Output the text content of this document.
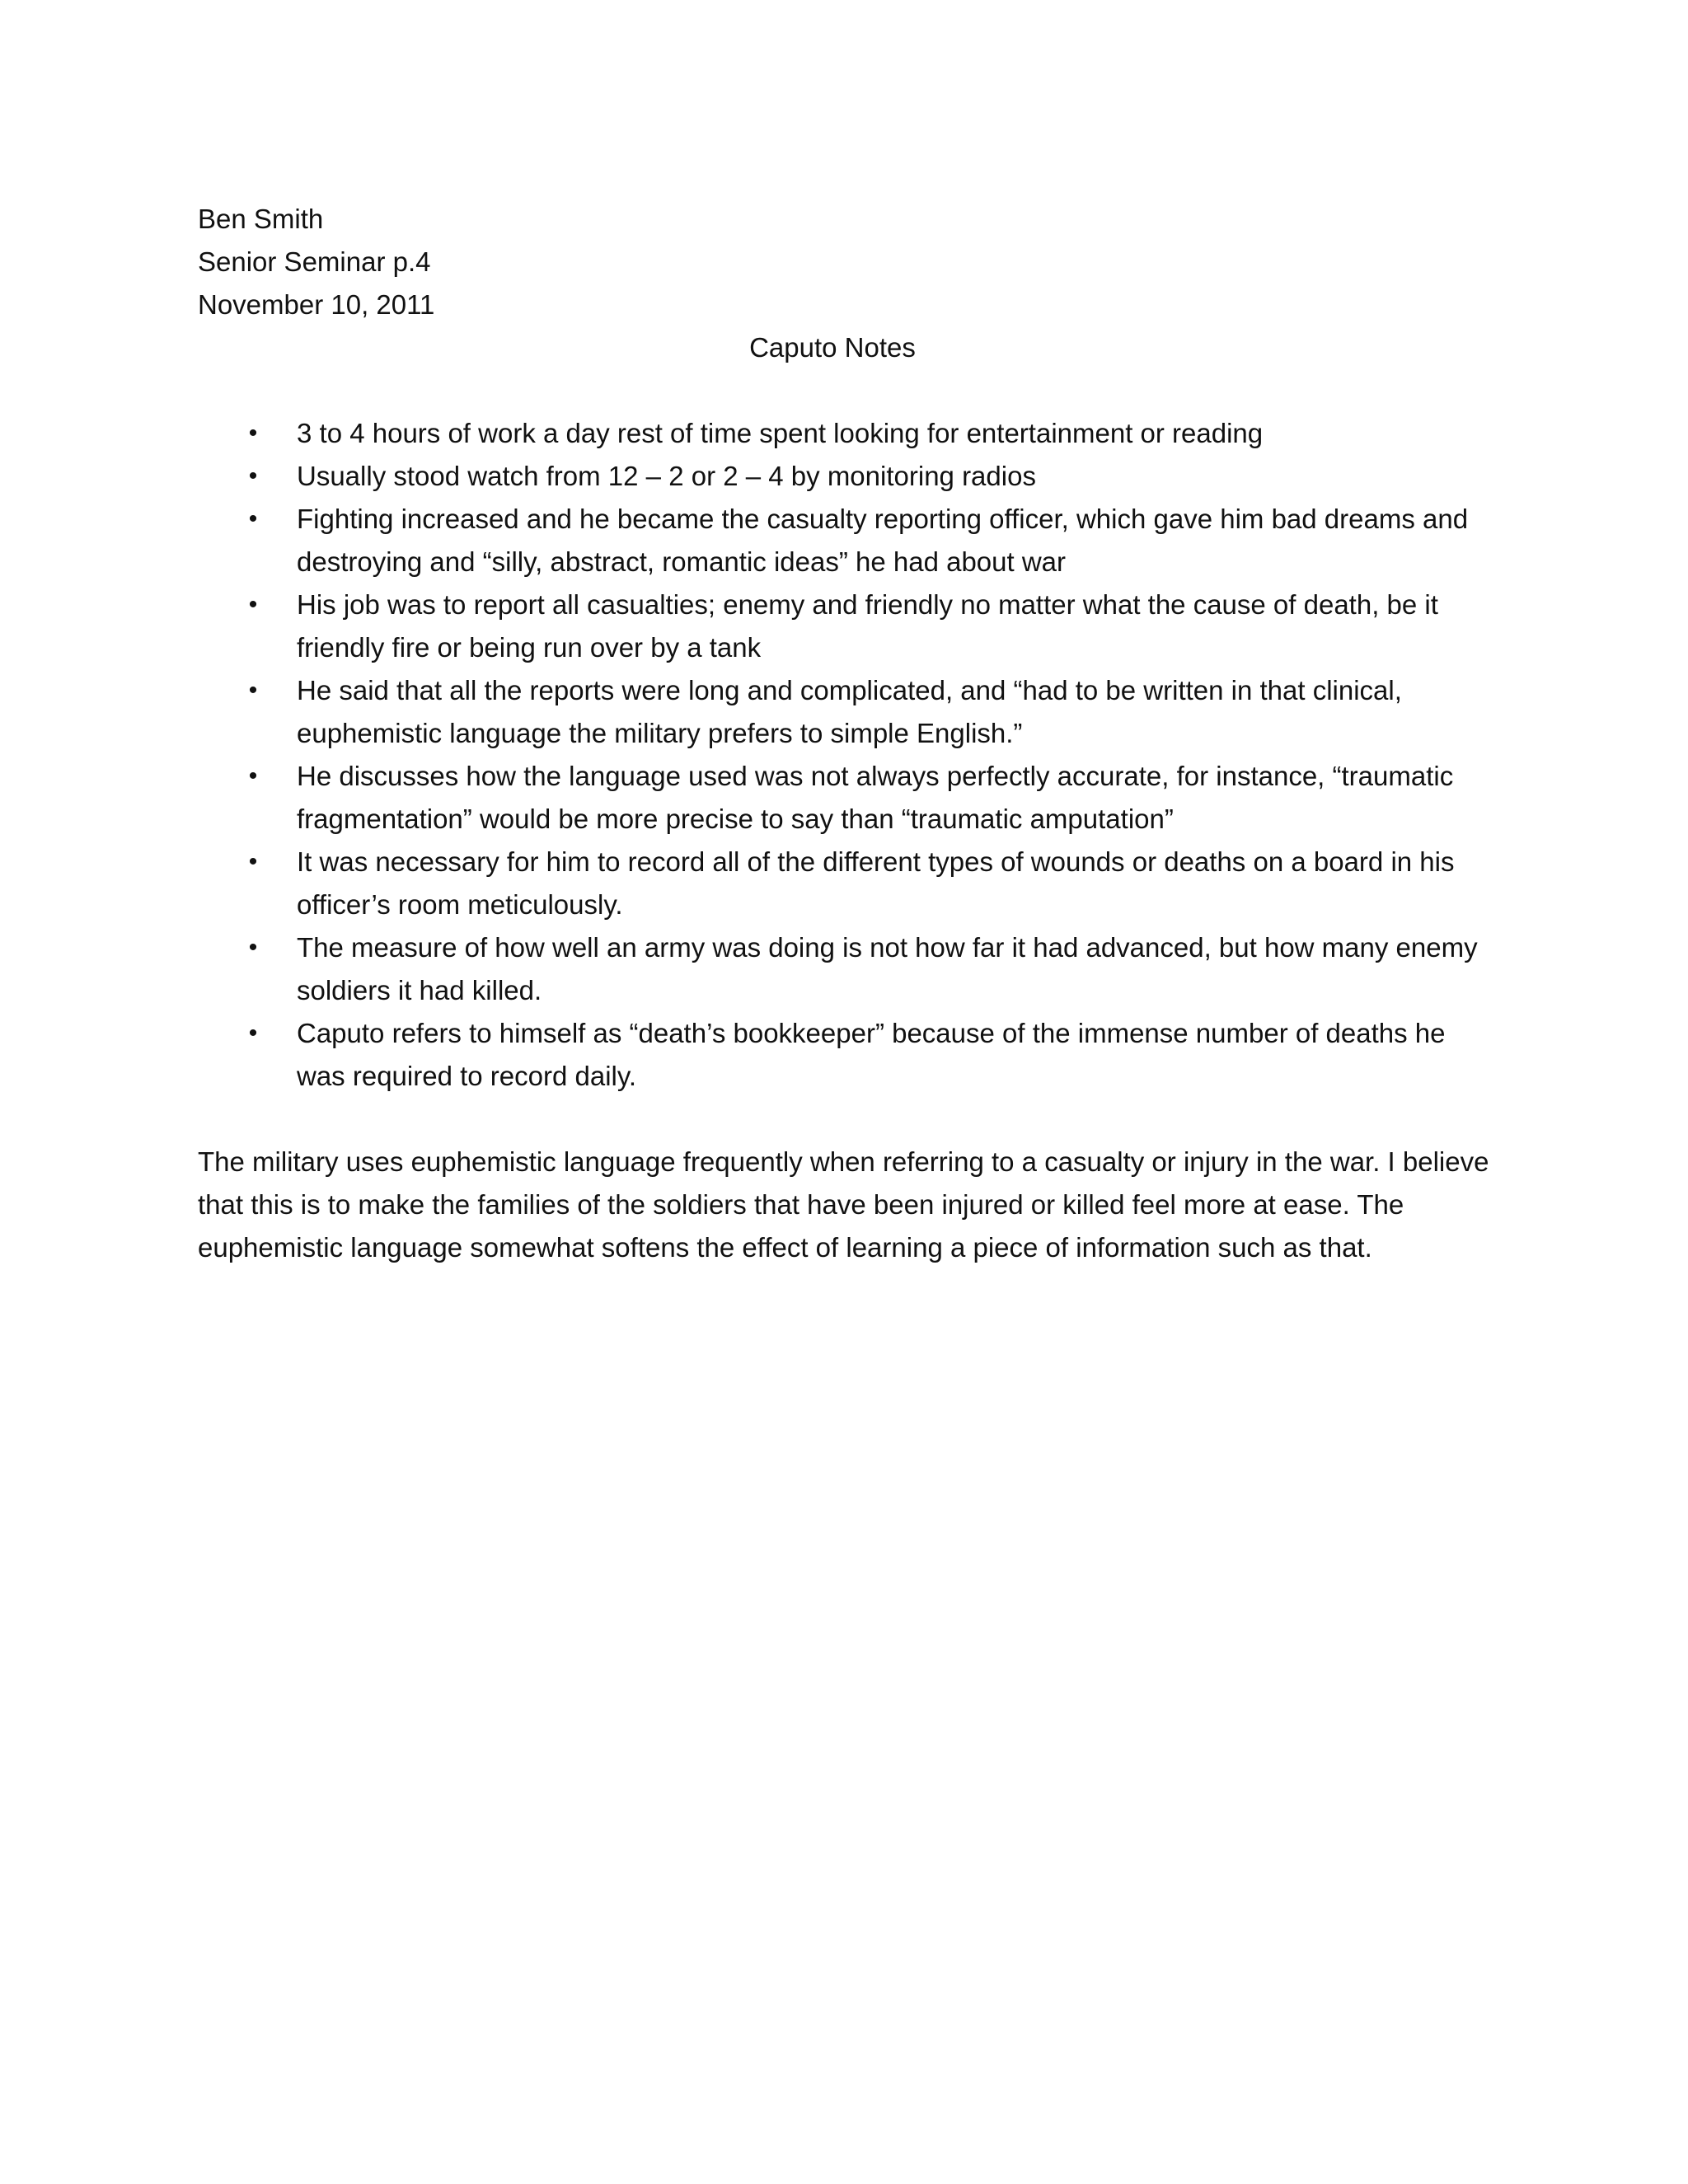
Ben Smith

Senior Seminar p.4

November 10, 2011

Caputo Notes

• 3 to 4 hours of work a day rest of time spent looking for entertainment or reading
• Usually stood watch from 12 – 2 or 2 – 4 by monitoring radios
• Fighting increased and he became the casualty reporting officer, which gave him bad dreams and destroying and “silly, abstract, romantic ideas” he had about war
• His job was to report all casualties; enemy and friendly no matter what the cause of death, be it friendly fire or being run over by a tank
• He said that all the reports were long and complicated, and “had to be written in that clinical, euphemistic language the military prefers to simple English.”
• He discusses how the language used was not always perfectly accurate, for instance, “traumatic fragmentation” would be more precise to say than “traumatic amputation”
• It was necessary for him to record all of the different types of wounds or deaths on a board in his officer’s room meticulously.
• The measure of how well an army was doing is not how far it had advanced, but how many enemy soldiers it had killed.
• Caputo refers to himself as “death’s bookkeeper” because of the immense number of deaths he was required to record daily.

The military uses euphemistic language frequently when referring to a casualty or injury in the war. I believe that this is to make the families of the soldiers that have been injured or killed feel more at ease. The euphemistic language somewhat softens the effect of learning a piece of information such as that.
